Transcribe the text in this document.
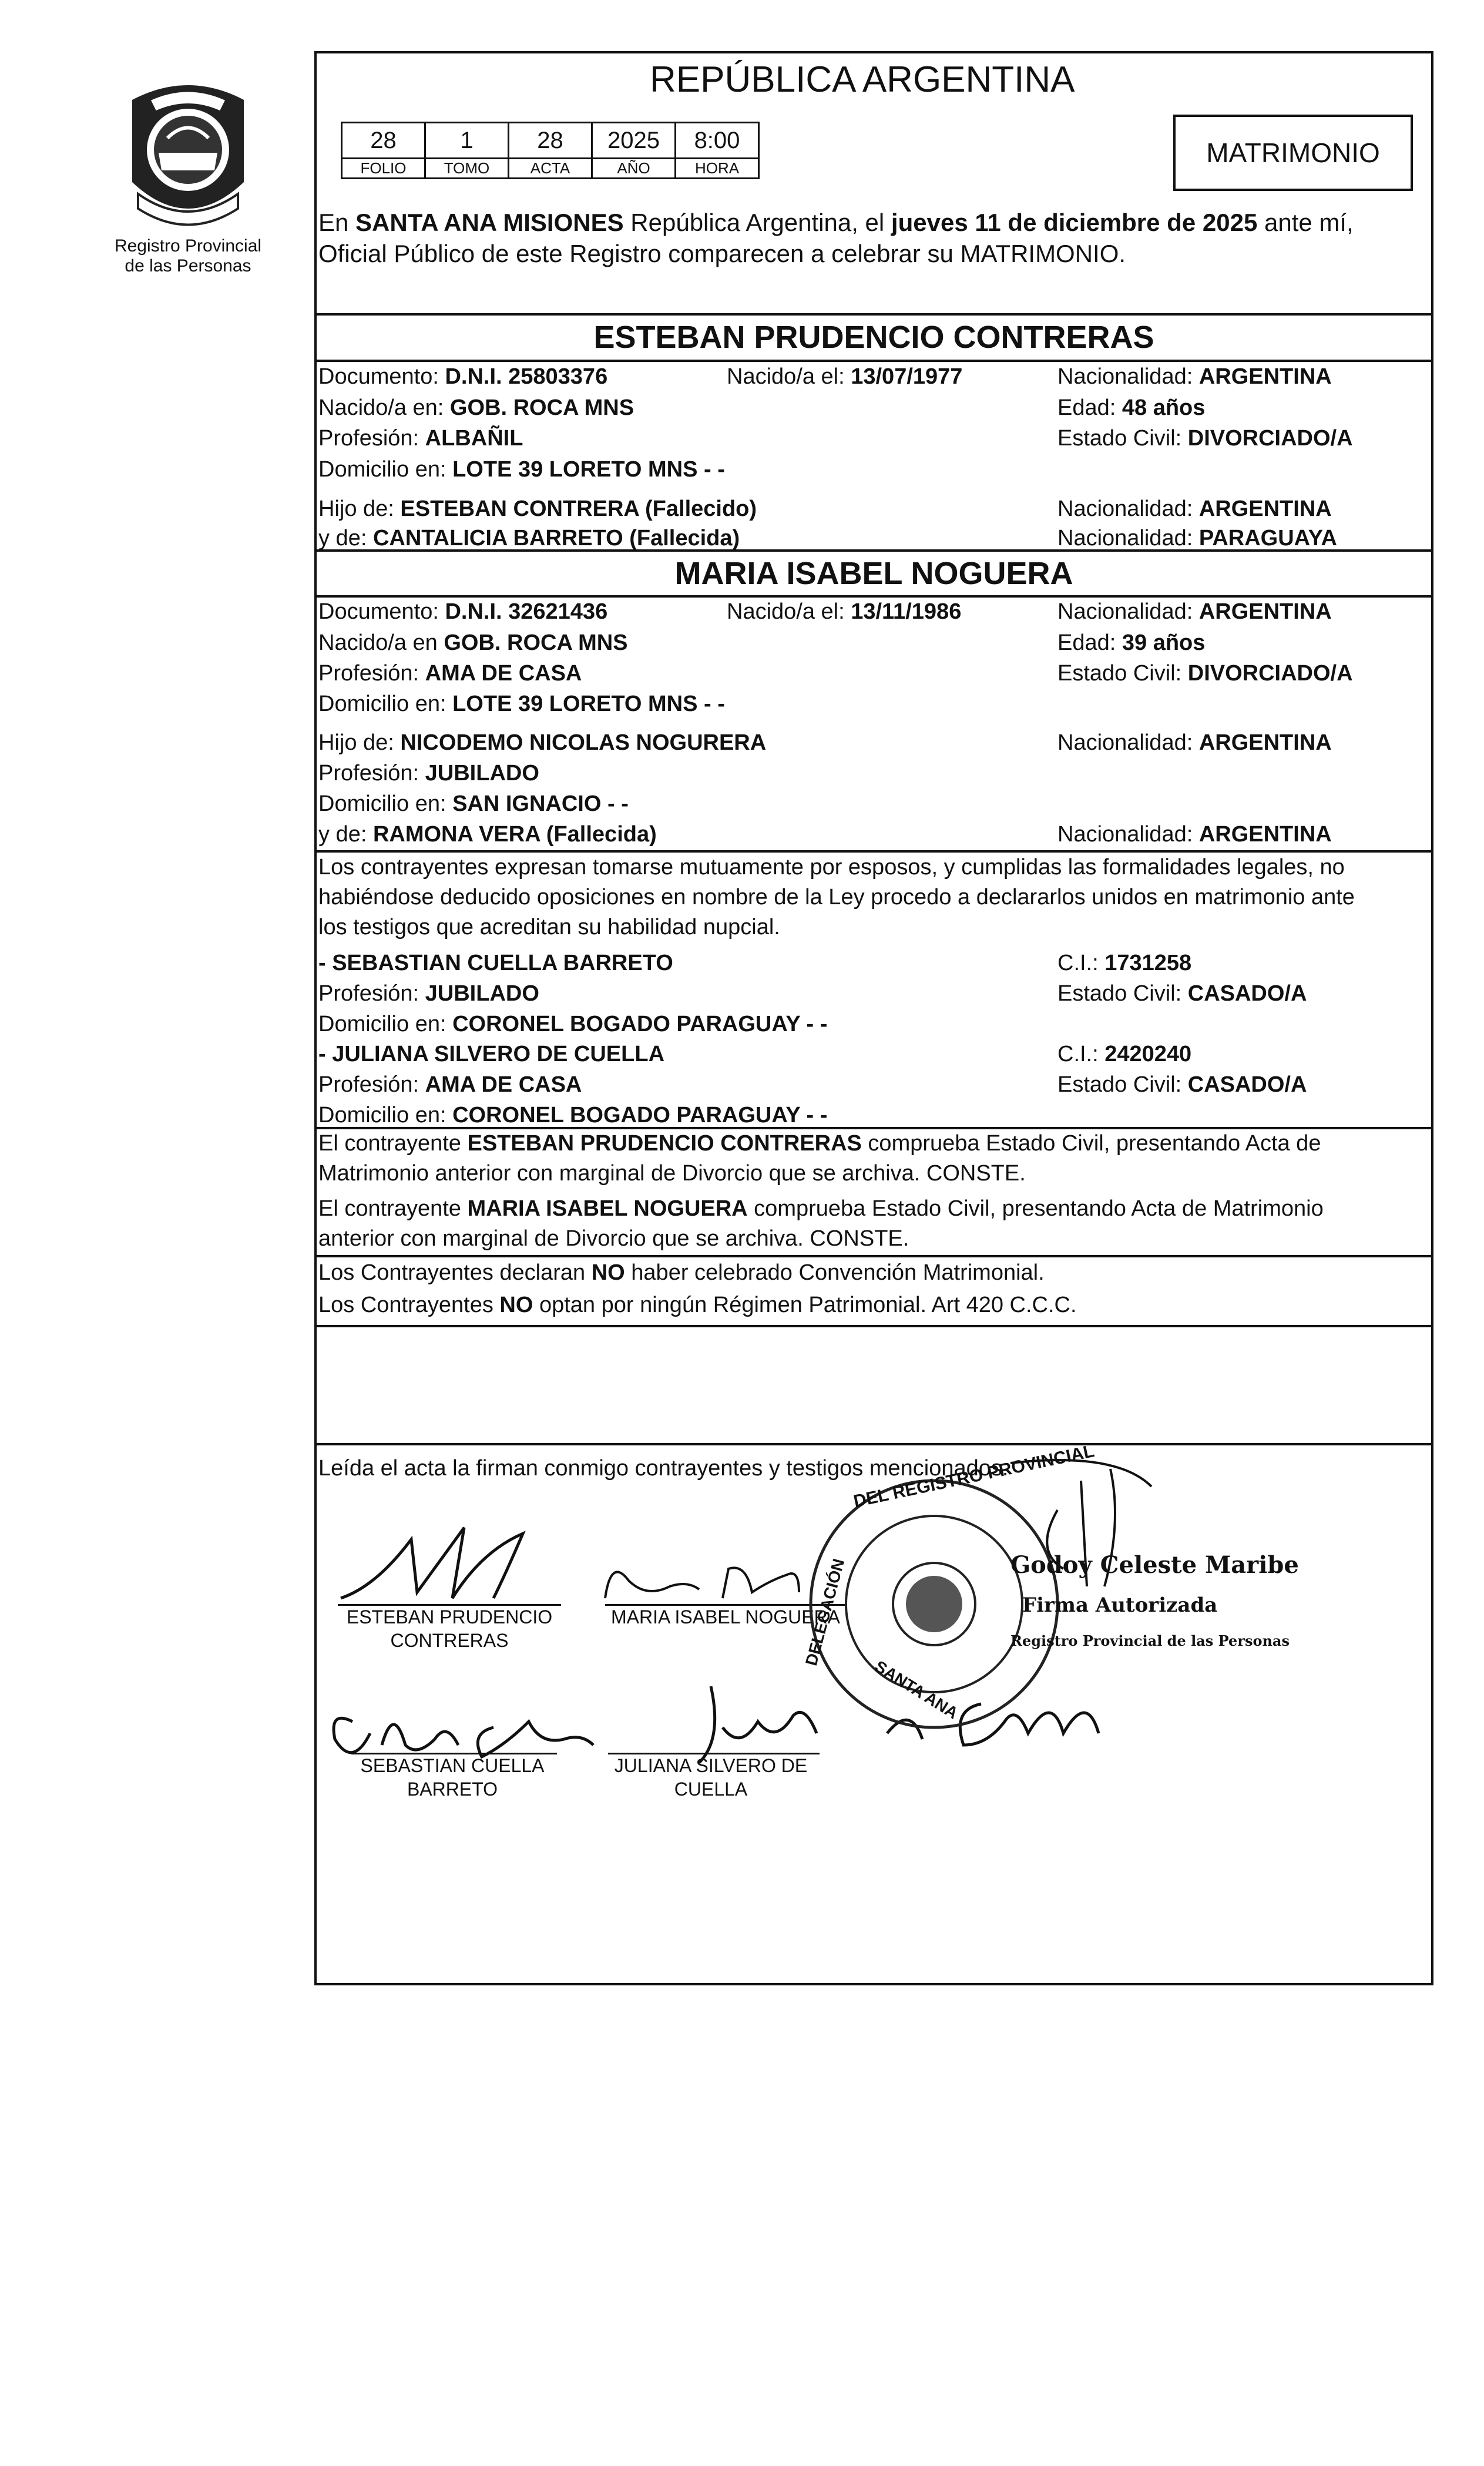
Registro Provincial
de las Personas
REPÚBLICA ARGENTINA
28	1	28	2025	8:00
FOLIO	TOMO	ACTA	AÑO	HORA	MATRIMONIO
En SANTA ANA MISIONES República Argentina, el jueves 11 de diciembre de 2025 ante mí,
Oficial Público de este Registro comparecen a celebrar su MATRIMONIO.
ESTEBAN PRUDENCIO CONTRERAS
Documento: D.N.I. 25803376	Nacido/a el: 13/07/1977	Nacionalidad: ARGENTINA
Nacido/a en: GOB. ROCA MNS	Edad: 48 años
Profesión: ALBAÑIL	Estado Civil: DIVORCIADO/A
Domicilio en: LOTE 39 LORETO MNS - -
Hijo de: ESTEBAN CONTRERA (Fallecido)	Nacionalidad: ARGENTINA
y de: CANTALICIA BARRETO (Fallecida)	Nacionalidad: PARAGUAYA
MARIA ISABEL NOGUERA
Documento: D.N.I. 32621436	Nacido/a el: 13/11/1986	Nacionalidad: ARGENTINA
Nacido/a en GOB. ROCA MNS	Edad: 39 años
Profesión: AMA DE CASA	Estado Civil: DIVORCIADO/A
Domicilio en: LOTE 39 LORETO MNS - -
Hijo de: NICODEMO NICOLAS NOGURERA	Nacionalidad: ARGENTINA
Profesión: JUBILADO
Domicilio en: SAN IGNACIO - -
y de: RAMONA VERA (Fallecida)	Nacionalidad: ARGENTINA
Los contrayentes expresan tomarse mutuamente por esposos, y cumplidas las formalidades legales, no
habiéndose deducido oposiciones en nombre de la Ley procedo a declararlos unidos en matrimonio ante
los testigos que acreditan su habilidad nupcial.
- SEBASTIAN CUELLA BARRETO	C.I.: 1731258
Profesión: JUBILADO	Estado Civil: CASADO/A
Domicilio en: CORONEL BOGADO PARAGUAY - -
- JULIANA SILVERO DE CUELLA	C.I.: 2420240
Profesión: AMA DE CASA	Estado Civil: CASADO/A
Domicilio en: CORONEL BOGADO PARAGUAY - -
El contrayente ESTEBAN PRUDENCIO CONTRERAS comprueba Estado Civil, presentando Acta de
Matrimonio anterior con marginal de Divorcio que se archiva. CONSTE.
El contrayente MARIA ISABEL NOGUERA comprueba Estado Civil, presentando Acta de Matrimonio
anterior con marginal de Divorcio que se archiva. CONSTE.
Los Contrayentes declaran NO haber celebrado Convención Matrimonial.
Los Contrayentes NO optan por ningún Régimen Patrimonial. Art 420 C.C.C.
Leída el acta la firman conmigo contrayentes y testigos mencionados.
ESTEBAN PRUDENCIO
CONTRERAS
MARIA ISABEL NOGUERA
SEBASTIAN CUELLA
BARRETO
JULIANA SILVERO DE
CUELLA
DEL REGISTRO PROVINCIAL
DELEGACIÓN
SANTA ANA
Godoy Celeste Maribe
Firma Autorizada
Registro Provincial de las Personas
